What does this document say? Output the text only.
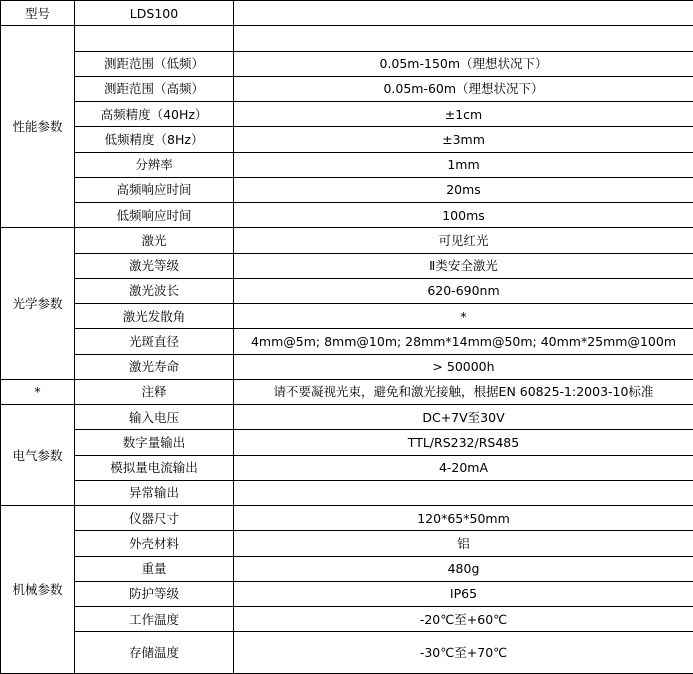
型号	LDS100	
性能参数		
	测距范围（低频）	0.05m-150m（理想状况下）
	测距范围（高频）	0.05m-60m（理想状况下）
	高频精度（40Hz）	±1cm
	低频精度（8Hz）	±3mm
	分辨率	1mm
	高频响应时间	20ms
	低频响应时间	100ms
光学参数	激光	可见红光
	激光等级	Ⅱ类安全激光
	激光波长	620-690nm
	激光发散角	*
	光斑直径	4mm@5m; 8mm@10m; 28mm*14mm@50m; 40mm*25mm@100m
	激光寿命	> 50000h
*	注释	请不要凝视光束，避免和激光接触，根据EN 60825-1:2003-10标准
电气参数	输入电压	DC+7V至30V
	数字量输出	TTL/RS232/RS485
	模拟量电流输出	4-20mA
	异常输出	
机械参数	仪器尺寸	120*65*50mm
	外壳材料	铝
	重量	480g
	防护等级	IP65
	工作温度	-20℃至+60℃
	存储温度	-30℃至+70℃
